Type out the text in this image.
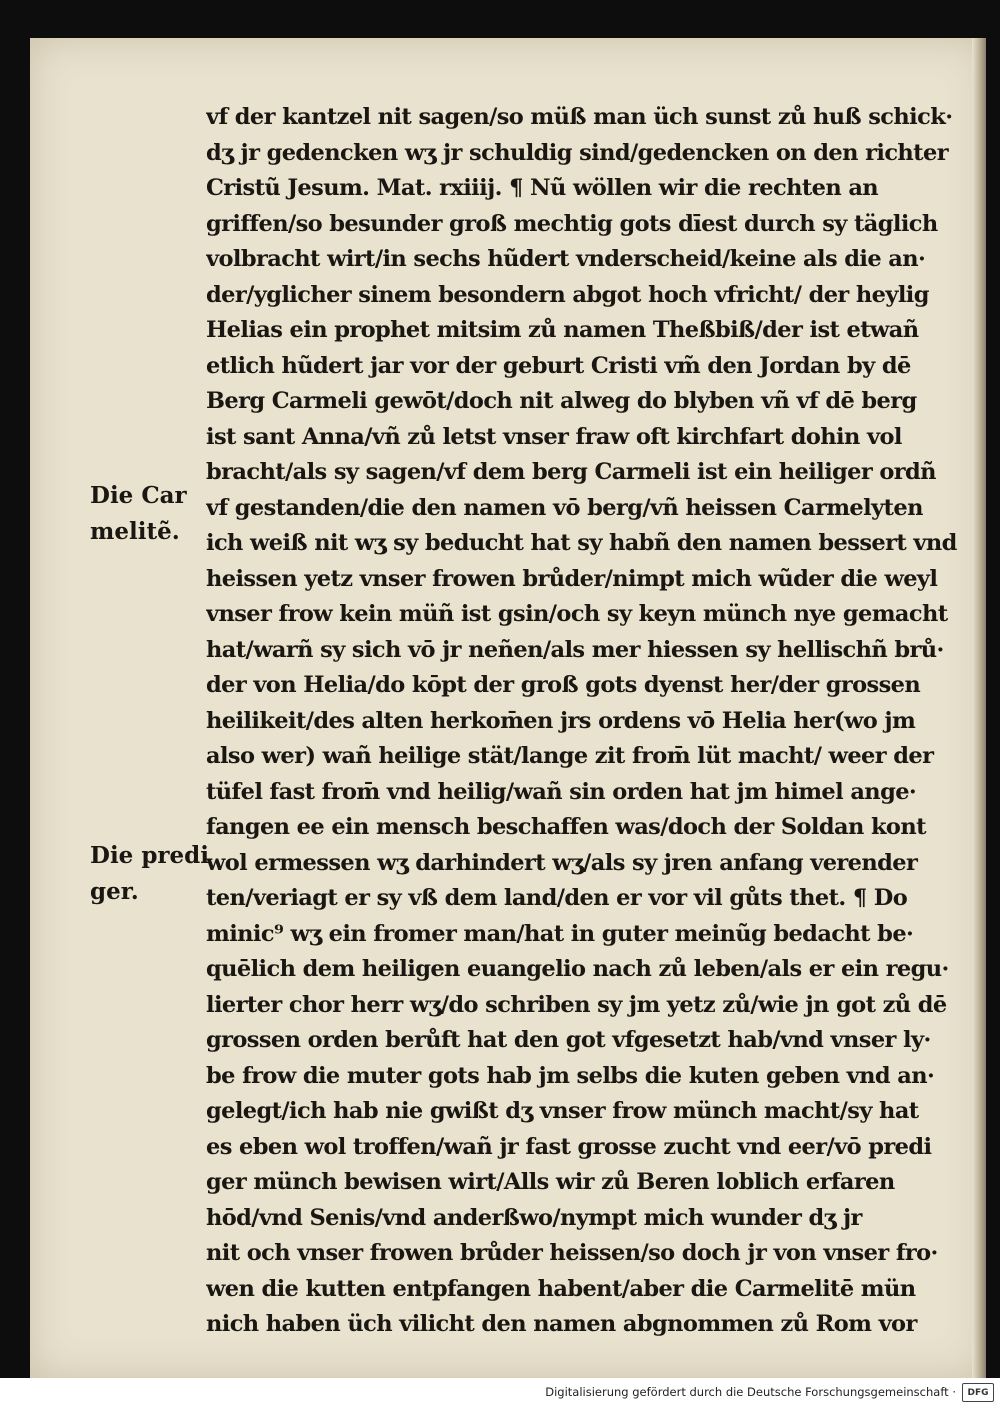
Die Car melitẽ.
Die predi ger.
vf der kantzel nit sagen/so müß man üch sunst zů huß schick·
dʒ jr gedencken wʒ jr schuldig sind/gedencken on den richter
Cristũ Jesum. Mat. rxiiij. ¶ Nũ wöllen wir die rechten an
griffen/so besunder groß mechtig gots dīest durch sy täglich
volbracht wirt/in sechs hũdert vnderscheid/keine als die an·
der/yglicher sinem besondern abgot hoch vfricht/ der heylig
Helias ein prophet mitsim zů namen Theßbiß/der ist etwañ
etlich hũdert jar vor der geburt Cristi vm̃ den Jordan by dē
Berg Carmeli gewōt/doch nit alweg do blyben vñ vf dē berg
ist sant Anna/vñ zů letst vnser fraw oft kirchfart dohin vol
bracht/als sy sagen/vf dem berg Carmeli ist ein heiliger ordñ
vf gestanden/die den namen vō berg/vñ heissen Carmelyten
ich weiß nit wʒ sy beducht hat sy habñ den namen bessert vnd
heissen yetz vnser frowen brůder/nimpt mich wũder die weyl
vnser frow kein müñ ist gsin/och sy keyn münch nye gemacht
hat/warñ sy sich vō jr neñen/als mer hiessen sy hellischñ brů·
der von Helia/do kōpt der groß gots dyenst her/der grossen
heilikeit/des alten herkom̄en jrs ordens vō Helia her(wo jm
also wer) wañ heilige stät/lange zit from̄ lüt macht/ weer der
tüfel fast from̄ vnd heilig/wañ sin orden hat jm himel ange·
fangen ee ein mensch beschaffen was/doch der Soldan kont
wol ermessen wʒ darhindert wʒ/als sy jren anfang verender
ten/veriagt er sy vß dem land/den er vor vil gůts thet. ¶ Do
minic⁹ wʒ ein fromer man/hat in guter meinũg bedacht be·
quēlich dem heiligen euangelio nach zů leben/als er ein regu·
lierter chor herr wʒ/do schriben sy jm yetz zů/wie jn got zů dē
grossen orden berůft hat den got vfgesetzt hab/vnd vnser ly·
be frow die muter gots hab jm selbs die kuten geben vnd an·
gelegt/ich hab nie gwißt dʒ vnser frow münch macht/sy hat
es eben wol troffen/wañ jr fast grosse zucht vnd eer/vō predi
ger münch bewisen wirt/Alls wir zů Beren loblich erfaren
hōd/vnd Senis/vnd anderßwo/nympt mich wunder dʒ jr
nit och vnser frowen brůder heissen/so doch jr von vnser fro·
wen die kutten entpfangen habent/aber die Carmelitē mün
nich haben üch vilicht den namen abgnommen zů Rom vor
Digitalisierung gefördert durch die Deutsche Forschungsgemeinschaft ·	DFG
